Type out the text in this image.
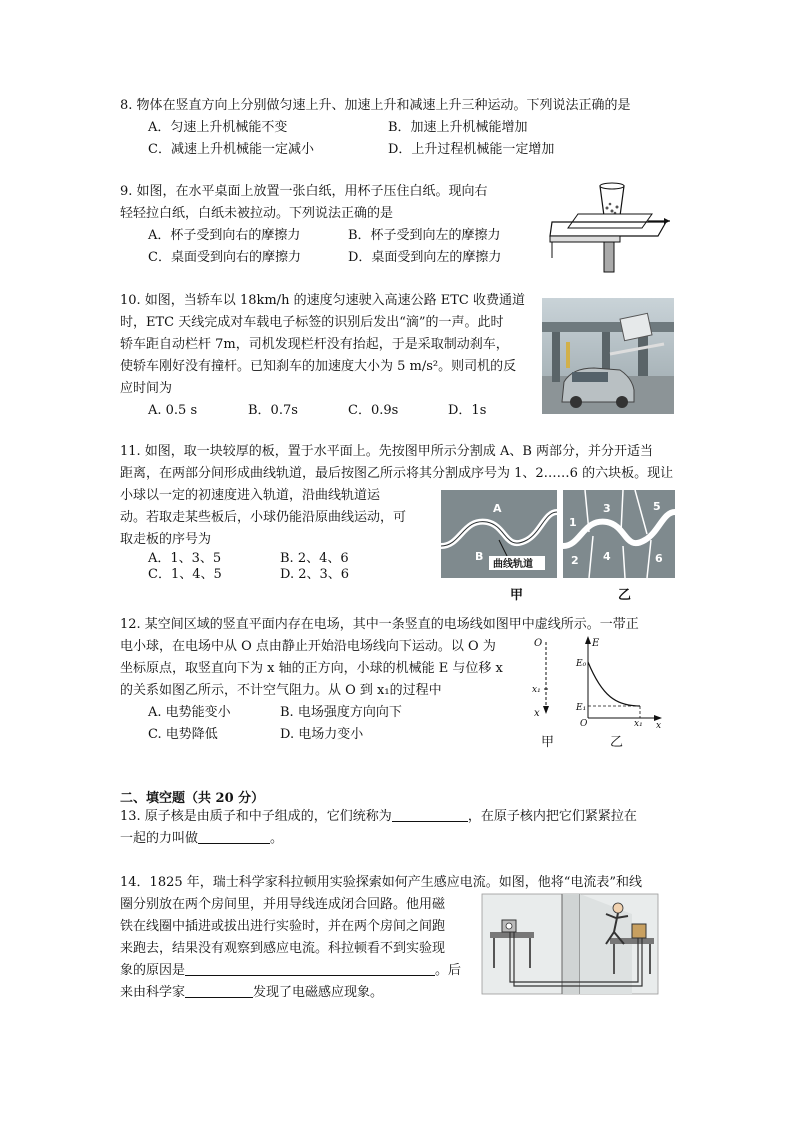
8. 物体在竖直方向上分别做匀速上升、加速上升和减速上升三种运动。下列说法正确的是
A．匀速上升机械能不变	B．加速上升机械能增加
C．减速上升机械能一定减小	D．上升过程机械能一定增加
9. 如图，在水平桌面上放置一张白纸，用杯子压住白纸。现向右
轻轻拉白纸，白纸未被拉动。下列说法正确的是
A．杯子受到向右的摩擦力	B．杯子受到向左的摩擦力
C．桌面受到向右的摩擦力	D．桌面受到向左的摩擦力
10. 如图，当轿车以 18km/h 的速度匀速驶入高速公路 ETC 收费通道
时，ETC 天线完成对车载电子标签的识别后发出“滴”的一声。此时
轿车距自动栏杆 7m，司机发现栏杆没有抬起，于是采取制动刹车，
使轿车刚好没有撞杆。已知刹车的加速度大小为 5 m/s²。则司机的反
应时间为
A. 0.5 s	B．0.7s	C．0.9s	D．1s
11. 如图，取一块较厚的板，置于水平面上。先按图甲所示分割成 A、B 两部分，并分开适当
距离，在两部分间形成曲线轨道，最后按图乙所示将其分割成序号为 1、2……6 的六块板。现让
小球以一定的初速度进入轨道，沿曲线轨道运
动。若取走某些板后，小球仍能沿原曲线运动，可
取走板的序号为
A．1、3、5	B. 2、4、6
C．1、4、5	D. 2、3、6
A
B
曲线轨道
1
2
3
4
5
6
甲	乙
12. 某空间区域的竖直平面内存在电场，其中一条竖直的电场线如图甲中虚线所示。一带正
电小球，在电场中从 O 点由静止开始沿电场线向下运动。以 O 为
坐标原点，取竖直向下为 x 轴的正方向，小球的机械能 E 与位移 x
的关系如图乙所示，不计空气阻力。从 O 到 x₁的过程中
A. 电势能变小	B. 电场强度方向向下
C. 电势降低	D. 电场力变小
O
x₁
x
E
E₀
E₁
O	x₁ x
甲	乙
二、填空题（共 20 分）
13. 原子核是由质子和中子组成的，它们统称为	，在原子核内把它们紧紧拉在
一起的力叫做	。
14．1825 年，瑞士科学家科拉顿用实验探索如何产生感应电流。如图，他将“电流表”和线
圈分别放在两个房间里，并用导线连成闭合回路。他用磁
铁在线圈中插进或拔出进行实验时，并在两个房间之间跑
来跑去，结果没有观察到感应电流。科拉顿看不到实验现
象的原因是	。后
来由科学家	发现了电磁感应现象。
